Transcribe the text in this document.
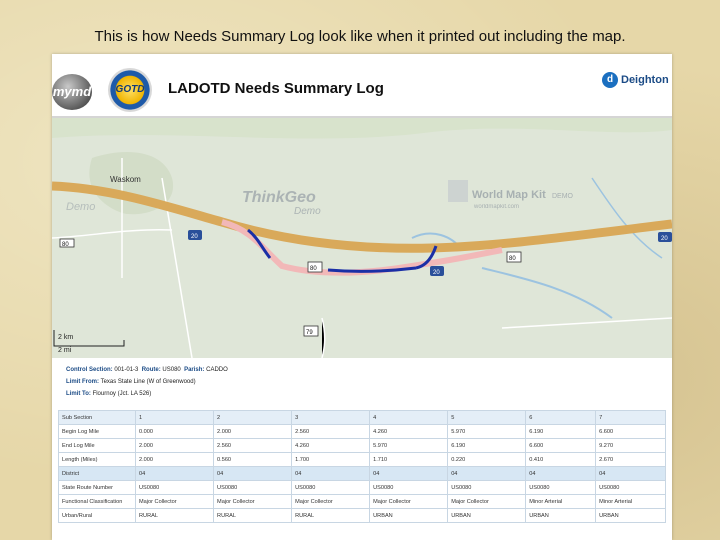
This is how Needs Summary Log look like when it printed out including the map.
mymd	GOTD	LADOTD Needs Summary Log
d Deighton
Waskom
ThinkGeo
Demo
Demo
World Map Kit DEMO
worldmapkit.com
80
20
80
20
80
79
20
2 km
2 mi
Control Section: 001-01-3 Route: US080 Parish: CADDO
Limit From: Texas State Line (W of Greenwood)
Limit To: Flournoy (Jct. LA 526)
Sub Section	1	2	3	4	5	6	7
Begin Log Mile	0.000	2.000	2.560	4.260	5.970	6.190	6.600
End Log Mile	2.000	2.560	4.260	5.970	6.190	6.600	9.270
Length (Miles)	2.000	0.560	1.700	1.710	0.220	0.410	2.670
District	04	04	04	04	04	04	04
State Route Number	US0080	US0080	US0080	US0080	US0080	US0080	US0080
Functional Classification	Major Collector	Major Collector	Major Collector	Major Collector	Major Collector	Minor Arterial	Minor Arterial
Urban/Rural	RURAL	RURAL	RURAL	URBAN	URBAN	URBAN	URBAN
